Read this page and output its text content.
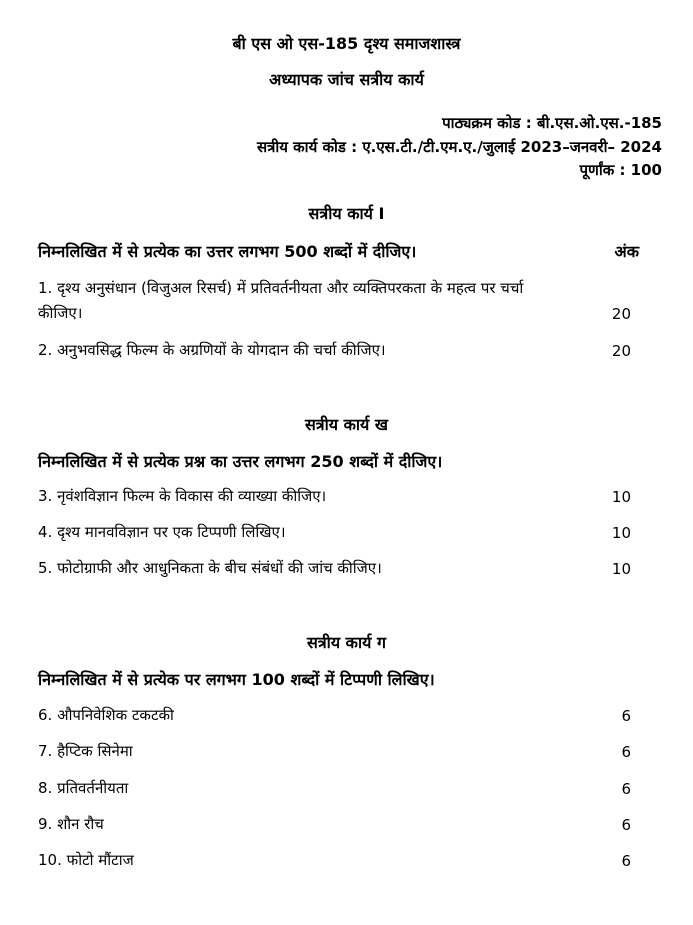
बी एस ओ एस-185 दृश्य समाजशास्त्र
अध्यापक जांच सत्रीय कार्य
पाठ्यक्रम कोड : बी.एस.ओ.एस.-185
सत्रीय कार्य कोड : ए.एस.टी./टी.एम.ए./जुलाई 2023–जनवरी– 2024
पूर्णांक : 100
सत्रीय कार्य I
निम्नलिखित में से प्रत्येक का उत्तर लगभग 500 शब्दों में दीजिए।	अंक
1. दृश्य अनुसंधान (विजुअल रिसर्च) में प्रतिवर्तनीयता और व्यक्तिपरकता के महत्व पर चर्चा
कीजिए।	20
2. अनुभवसिद्ध फिल्म के अग्रणियों के योगदान की चर्चा कीजिए।	20
सत्रीय कार्य ख
निम्नलिखित में से प्रत्येक प्रश्न का उत्तर लगभग 250 शब्दों में दीजिए।
3. नृवंशविज्ञान फिल्म के विकास की व्याख्या कीजिए।	10
4. दृश्य मानवविज्ञान पर एक टिप्पणी लिखिए।	10
5. फोटोग्राफी और आधुनिकता के बीच संबंधों की जांच कीजिए।	10
सत्रीय कार्य ग
निम्नलिखित में से प्रत्येक पर लगभग 100 शब्दों में टिप्पणी लिखिए।
6. औपनिवेशिक टकटकी	6
7. हैप्टिक सिनेमा	6
8. प्रतिवर्तनीयता	6
9. शौन रौच	6
10. फोटो मौंटाज	6
